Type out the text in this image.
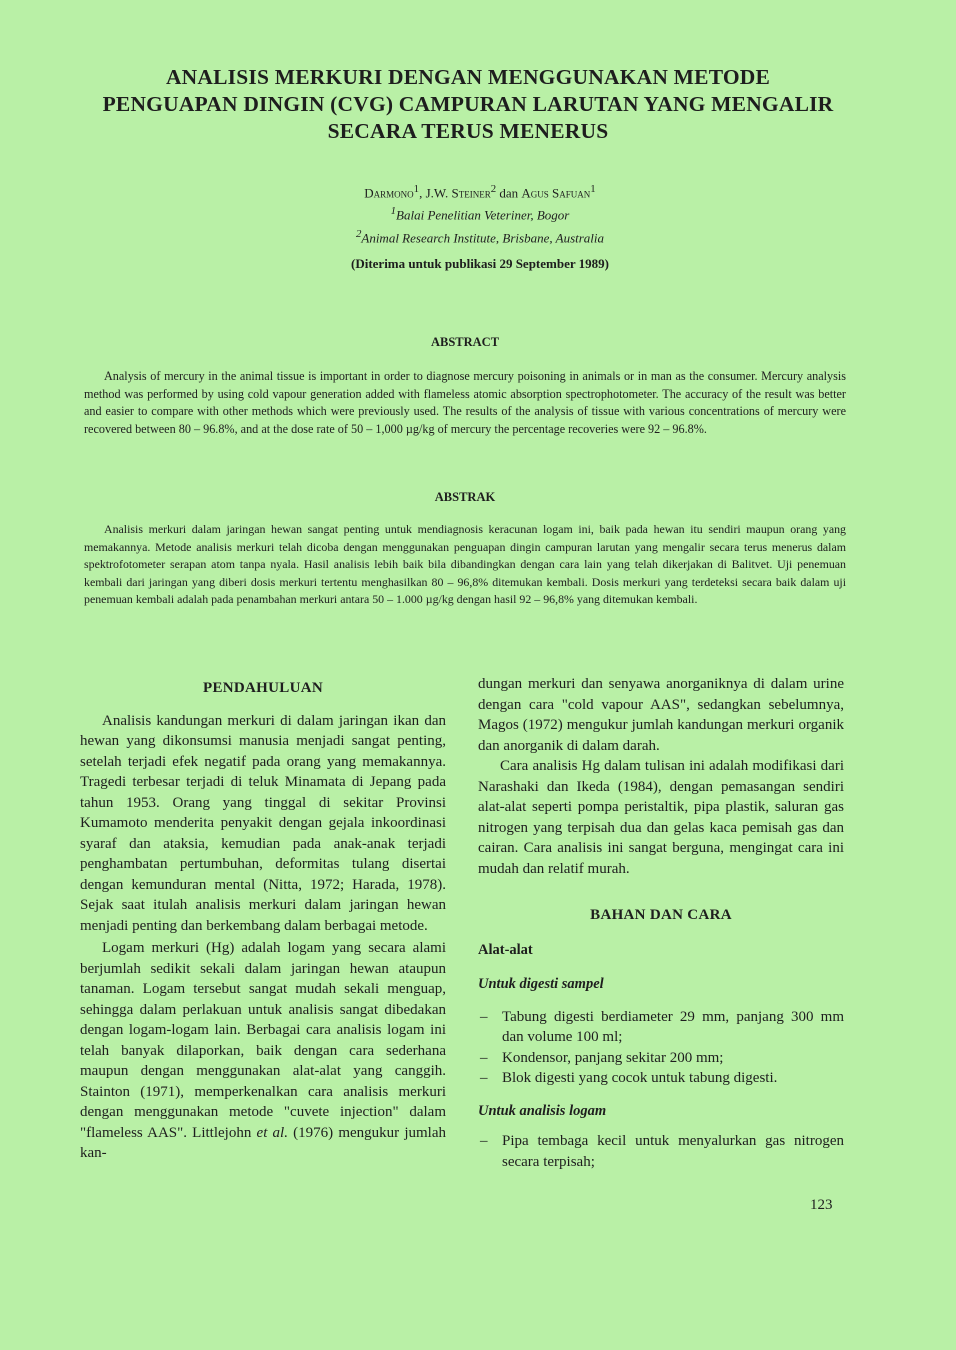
ANALISIS MERKURI DENGAN MENGGUNAKAN METODE PENGUAPAN DINGIN (CVG) CAMPURAN LARUTAN YANG MENGALIR SECARA TERUS MENERUS
Darmono$^1$, J.W. Steiner$^2$ dan Agus Safuan$^1$
$^1$Balai Penelitian Veteriner, Bogor
$^2$Animal Research Institute, Brisbane, Australia
(Diterima untuk publikasi 29 September 1989)
ABSTRACT
Analysis of mercury in the animal tissue is important in order to diagnose mercury poisoning in animals or in man as the consumer. Mercury analysis method was performed by using cold vapour generation added with flameless atomic absorption spectrophotometer. The accuracy of the result was better and easier to compare with other methods which were previously used. The results of the analysis of tissue with various concentrations of mercury were recovered between 80 – 96.8%, and at the dose rate of 50 – 1,000 µg/kg of mercury the percentage recoveries were 92 – 96.8%.
ABSTRAK
Analisis merkuri dalam jaringan hewan sangat penting untuk mendiagnosis keracunan logam ini, baik pada hewan itu sendiri maupun orang yang memakannya. Metode analisis merkuri telah dicoba dengan menggunakan penguapan dingin campuran larutan yang mengalir secara terus menerus dalam spektrofotometer serapan atom tanpa nyala. Hasil analisis lebih baik bila dibandingkan dengan cara lain yang telah dikerjakan di Balitvet. Uji penemuan kembali dari jaringan yang diberi dosis merkuri tertentu menghasilkan 80 – 96,8% ditemukan kembali. Dosis merkuri yang terdeteksi secara baik dalam uji penemuan kembali adalah pada penambahan merkuri antara 50 – 1.000 µg/kg dengan hasil 92 – 96,8% yang ditemukan kembali.
PENDAHULUAN

Analisis kandungan merkuri di dalam jaringan ikan dan hewan yang dikonsumsi manusia menjadi sangat penting, setelah terjadi efek negatif pada orang yang memakannya. Tragedi terbesar terjadi di teluk Minamata di Jepang pada tahun 1953. Orang yang tinggal di sekitar Provinsi Kumamoto menderita penyakit dengan gejala inkoordinasi syaraf dan ataksia, kemudian pada anak-anak terjadi penghambatan pertumbuhan, deformitas tulang disertai dengan kemunduran mental (Nitta, 1972; Harada, 1978). Sejak saat itulah analisis merkuri dalam jaringan hewan menjadi penting dan berkembang dalam berbagai metode.

Logam merkuri (Hg) adalah logam yang secara alami berjumlah sedikit sekali dalam jaringan hewan ataupun tanaman. Logam tersebut sangat mudah sekali menguap, sehingga dalam perlakuan untuk analisis sangat dibedakan dengan logam-logam lain. Berbagai cara analisis logam ini telah banyak dilaporkan, baik dengan cara sederhana maupun dengan menggunakan alat-alat yang canggih. Stainton (1971), memperkenalkan cara analisis merkuri dengan menggunakan metode "cuvete injection" dalam "flameless AAS". Littlejohn et al. (1976) mengukur jumlah kan-

dungan merkuri dan senyawa anorganiknya di dalam urine dengan cara "cold vapour AAS", sedangkan sebelumnya, Magos (1972) mengukur jumlah kandungan merkuri organik dan anorganik di dalam darah.

Cara analisis Hg dalam tulisan ini adalah modifikasi dari Narashaki dan Ikeda (1984), dengan pemasangan sendiri alat-alat seperti pompa peristaltik, pipa plastik, saluran gas nitrogen yang terpisah dua dan gelas kaca pemisah gas dan cairan. Cara analisis ini sangat berguna, mengingat cara ini mudah dan relatif murah.

BAHAN DAN CARA
Alat-alat
Untuk digesti sampel
– Tabung digesti berdiameter 29 mm, panjang 300 mm dan volume 100 ml;
– Kondensor, panjang sekitar 200 mm;
– Blok digesti yang cocok untuk tabung digesti.
Untuk analisis logam
– Pipa tembaga kecil untuk menyalurkan gas nitrogen secara terpisah;
123
